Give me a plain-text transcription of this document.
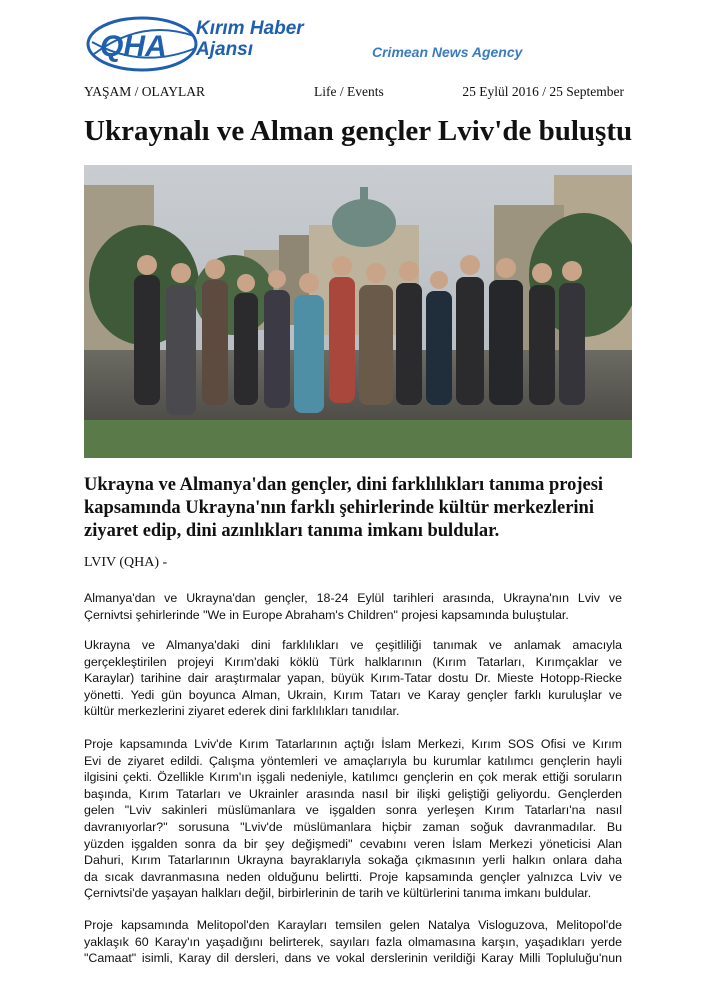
QHA
Kırım Haber
Ajansı	Crimean News Agency
YAŞAM / OLAYLAR	Life / Events	25 Eylül 2016 / 25 September
Ukraynalı ve Alman gençler Lviv'de buluştu
Ukrayna ve Almanya'dan gençler, dini farklılıkları tanıma projesi
kapsamında Ukrayna'nın farklı şehirlerinde kültür merkezlerini
ziyaret edip, dini azınlıkları tanıma imkanı buldular.
LVIV (QHA) -
Almanya'dan ve Ukrayna'dan gençler, 18-24 Eylül tarihleri arasında, Ukrayna'nın Lviv ve
Çernivtsi şehirlerinde "We in Europe Abraham's Children" projesi kapsamında buluştular.
Ukrayna ve Almanya'daki dini farklılıkları ve çeşitliliği tanımak ve anlamak amacıyla
gerçekleştirilen projeyi Kırım'daki köklü Türk halklarının (Kırım Tatarları, Kırımçaklar ve
Karaylar) tarihine dair araştırmalar yapan, büyük Kırım-Tatar dostu Dr. Mieste Hotopp-Riecke
yönetti. Yedi gün boyunca Alman, Ukrain, Kırım Tatarı ve Karay gençler farklı kuruluşlar ve
kültür merkezlerini ziyaret ederek dini farklılıkları tanıdılar.
Proje kapsamında Lviv'de Kırım Tatarlarının açtığı İslam Merkezi, Kırım SOS Ofisi ve Kırım
Evi de ziyaret edildi. Çalışma yöntemleri ve amaçlarıyla bu kurumlar katılımcı gençlerin hayli
ilgisini çekti. Özellikle Kırım'ın işgali nedeniyle, katılımcı gençlerin en çok merak ettiği soruların
başında, Kırım Tatarları ve Ukrainler arasında nasıl bir ilişki geliştiği geliyordu. Gençlerden
gelen "Lviv sakinleri müslümanlara ve işgalden sonra yerleşen Kırım Tatarları'na nasıl
davranıyorlar?" sorusuna "Lviv'de müslümanlara hiçbir zaman soğuk davranmadılar. Bu
yüzden işgalden sonra da bir şey değişmedi" cevabını veren İslam Merkezi yöneticisi Alan
Dahuri, Kırım Tatarlarının Ukrayna bayraklarıyla sokağa çıkmasının yerli halkın onlara daha
da sıcak davranmasına neden olduğunu belirtti. Proje kapsamında gençler yalnızca Lviv ve
Çernivtsi'de yaşayan halkları değil, birbirlerinin de tarih ve kültürlerini tanıma imkanı buldular.
Proje kapsamında Melitopol'den Karayları temsilen gelen Natalya Visloguzova, Melitopol'de
yaklaşık 60 Karay'ın yaşadığını belirterek, sayıları fazla olmamasına karşın, yaşadıkları yerde
"Camaat" isimli, Karay dil dersleri, dans ve vokal derslerinin verildiği Karay Milli Topluluğu'nun
